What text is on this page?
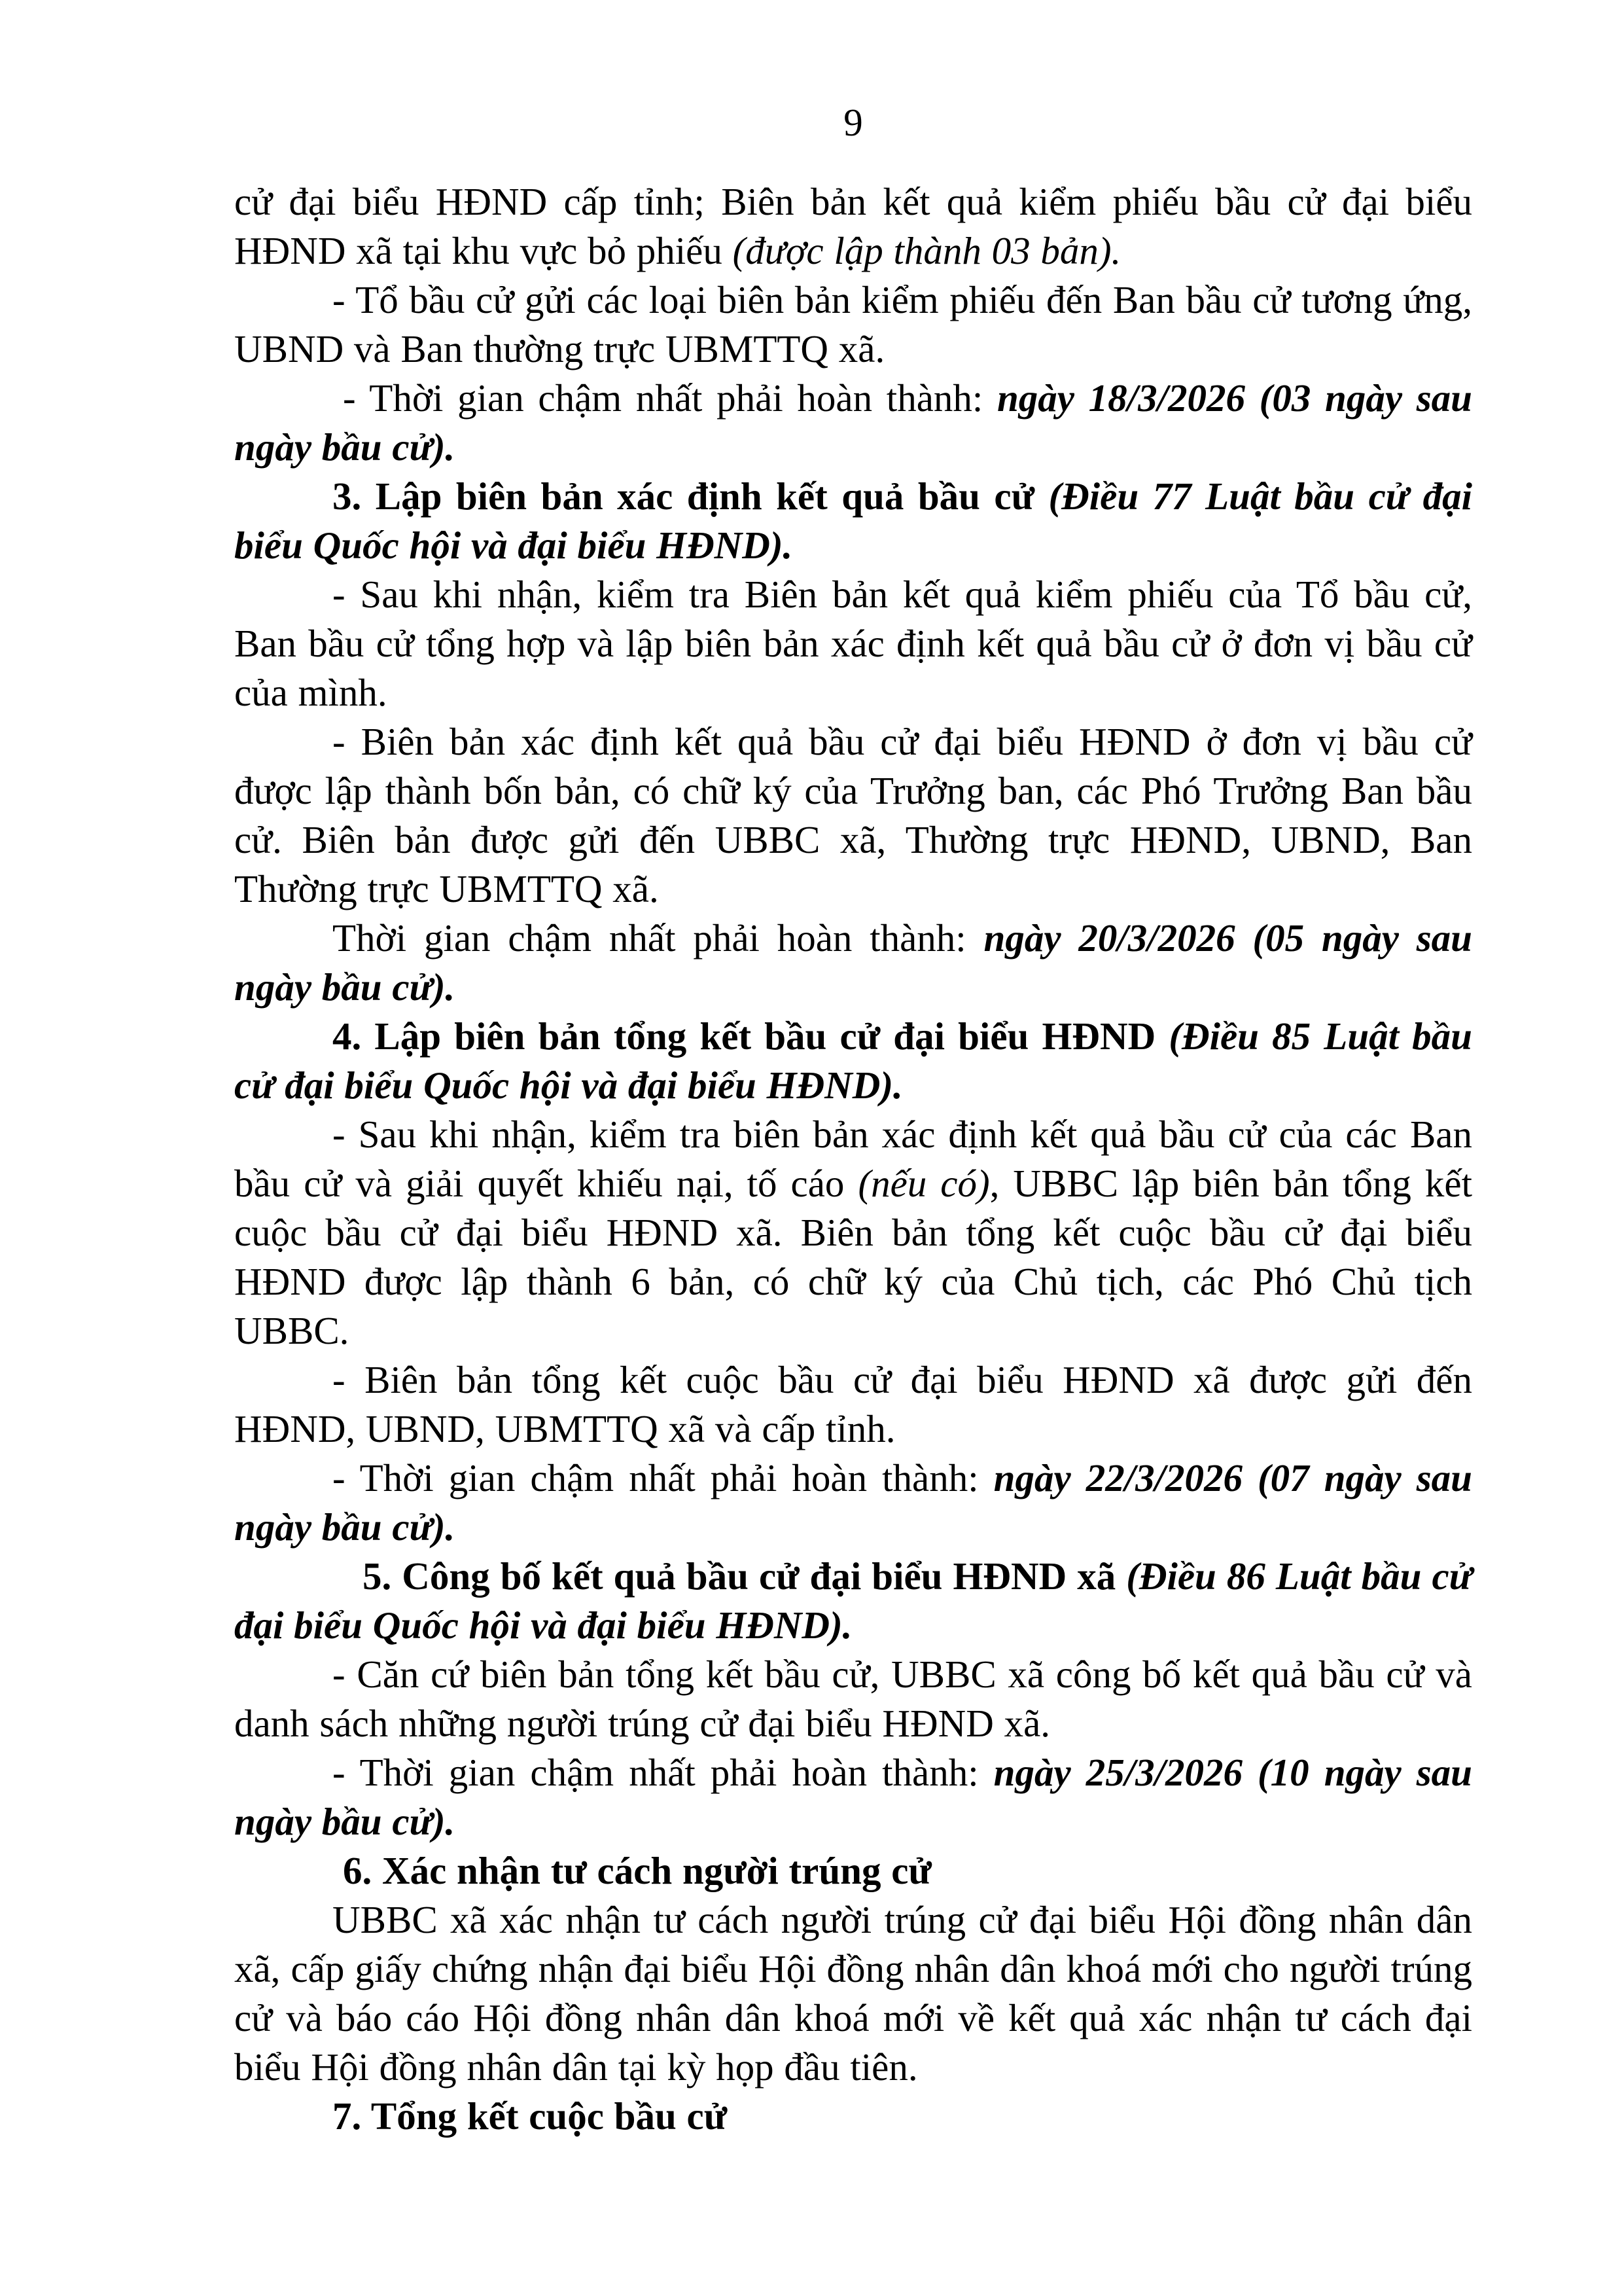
9

cử đại biểu HĐND cấp tỉnh; Biên bản kết quả kiểm phiếu bầu cử đại biểu HĐND xã tại khu vực bỏ phiếu (được lập thành 03 bản).

- Tổ bầu cử gửi các loại biên bản kiểm phiếu đến Ban bầu cử tương ứng, UBND và Ban thường trực UBMTTQ xã.

- Thời gian chậm nhất phải hoàn thành: ngày 18/3/2026 (03 ngày sau ngày bầu cử).

3. Lập biên bản xác định kết quả bầu cử (Điều 77 Luật bầu cử đại biểu Quốc hội và đại biểu HĐND).

- Sau khi nhận, kiểm tra Biên bản kết quả kiểm phiếu của Tổ bầu cử, Ban bầu cử tổng hợp và lập biên bản xác định kết quả bầu cử ở đơn vị bầu cử của mình.

- Biên bản xác định kết quả bầu cử đại biểu HĐND ở đơn vị bầu cử được lập thành bốn bản, có chữ ký của Trưởng ban, các Phó Trưởng Ban bầu cử. Biên bản được gửi đến UBBC xã, Thường trực HĐND, UBND, Ban Thường trực UBMTTQ xã.

Thời gian chậm nhất phải hoàn thành: ngày 20/3/2026 (05 ngày sau ngày bầu cử).

4. Lập biên bản tổng kết bầu cử đại biểu HĐND (Điều 85 Luật bầu cử đại biểu Quốc hội và đại biểu HĐND).

- Sau khi nhận, kiểm tra biên bản xác định kết quả bầu cử của các Ban bầu cử và giải quyết khiếu nại, tố cáo (nếu có), UBBC lập biên bản tổng kết cuộc bầu cử đại biểu HĐND xã. Biên bản tổng kết cuộc bầu cử đại biểu HĐND được lập thành 6 bản, có chữ ký của Chủ tịch, các Phó Chủ tịch UBBC.

- Biên bản tổng kết cuộc bầu cử đại biểu HĐND xã được gửi đến HĐND, UBND, UBMTTQ xã và cấp tỉnh.

- Thời gian chậm nhất phải hoàn thành: ngày 22/3/2026 (07 ngày sau ngày bầu cử).

5. Công bố kết quả bầu cử đại biểu HĐND xã (Điều 86 Luật bầu cử đại biểu Quốc hội và đại biểu HĐND).

- Căn cứ biên bản tổng kết bầu cử, UBBC xã công bố kết quả bầu cử và danh sách những người trúng cử đại biểu HĐND xã.

- Thời gian chậm nhất phải hoàn thành: ngày 25/3/2026 (10 ngày sau ngày bầu cử).

6. Xác nhận tư cách người trúng cử

UBBC xã xác nhận tư cách người trúng cử đại biểu Hội đồng nhân dân xã, cấp giấy chứng nhận đại biểu Hội đồng nhân dân khoá mới cho người trúng cử và báo cáo Hội đồng nhân dân khoá mới về kết quả xác nhận tư cách đại biểu Hội đồng nhân dân tại kỳ họp đầu tiên.

7. Tổng kết cuộc bầu cử
